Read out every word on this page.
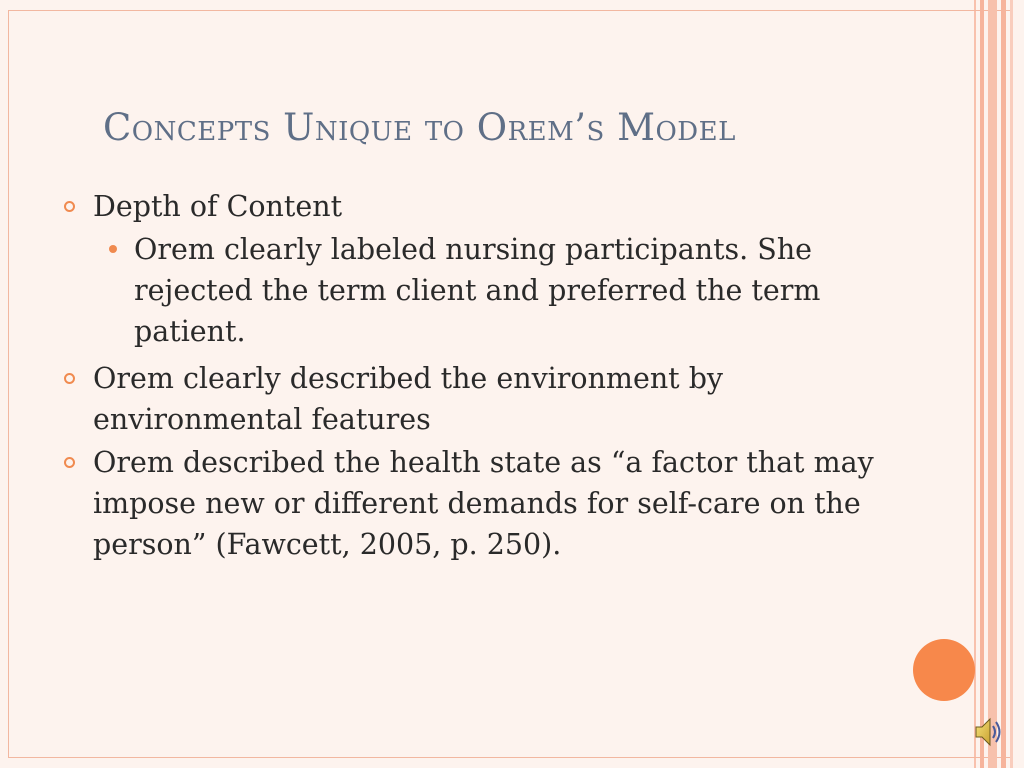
Concepts Unique to Orem’s Model
Depth of Content
Orem clearly labeled nursing participants. She rejected the term client and preferred the term patient.
Orem clearly described the environment by environmental features
Orem described the health state as “a factor that may impose new or different demands for self-care on the person” (Fawcett, 2005, p. 250).
